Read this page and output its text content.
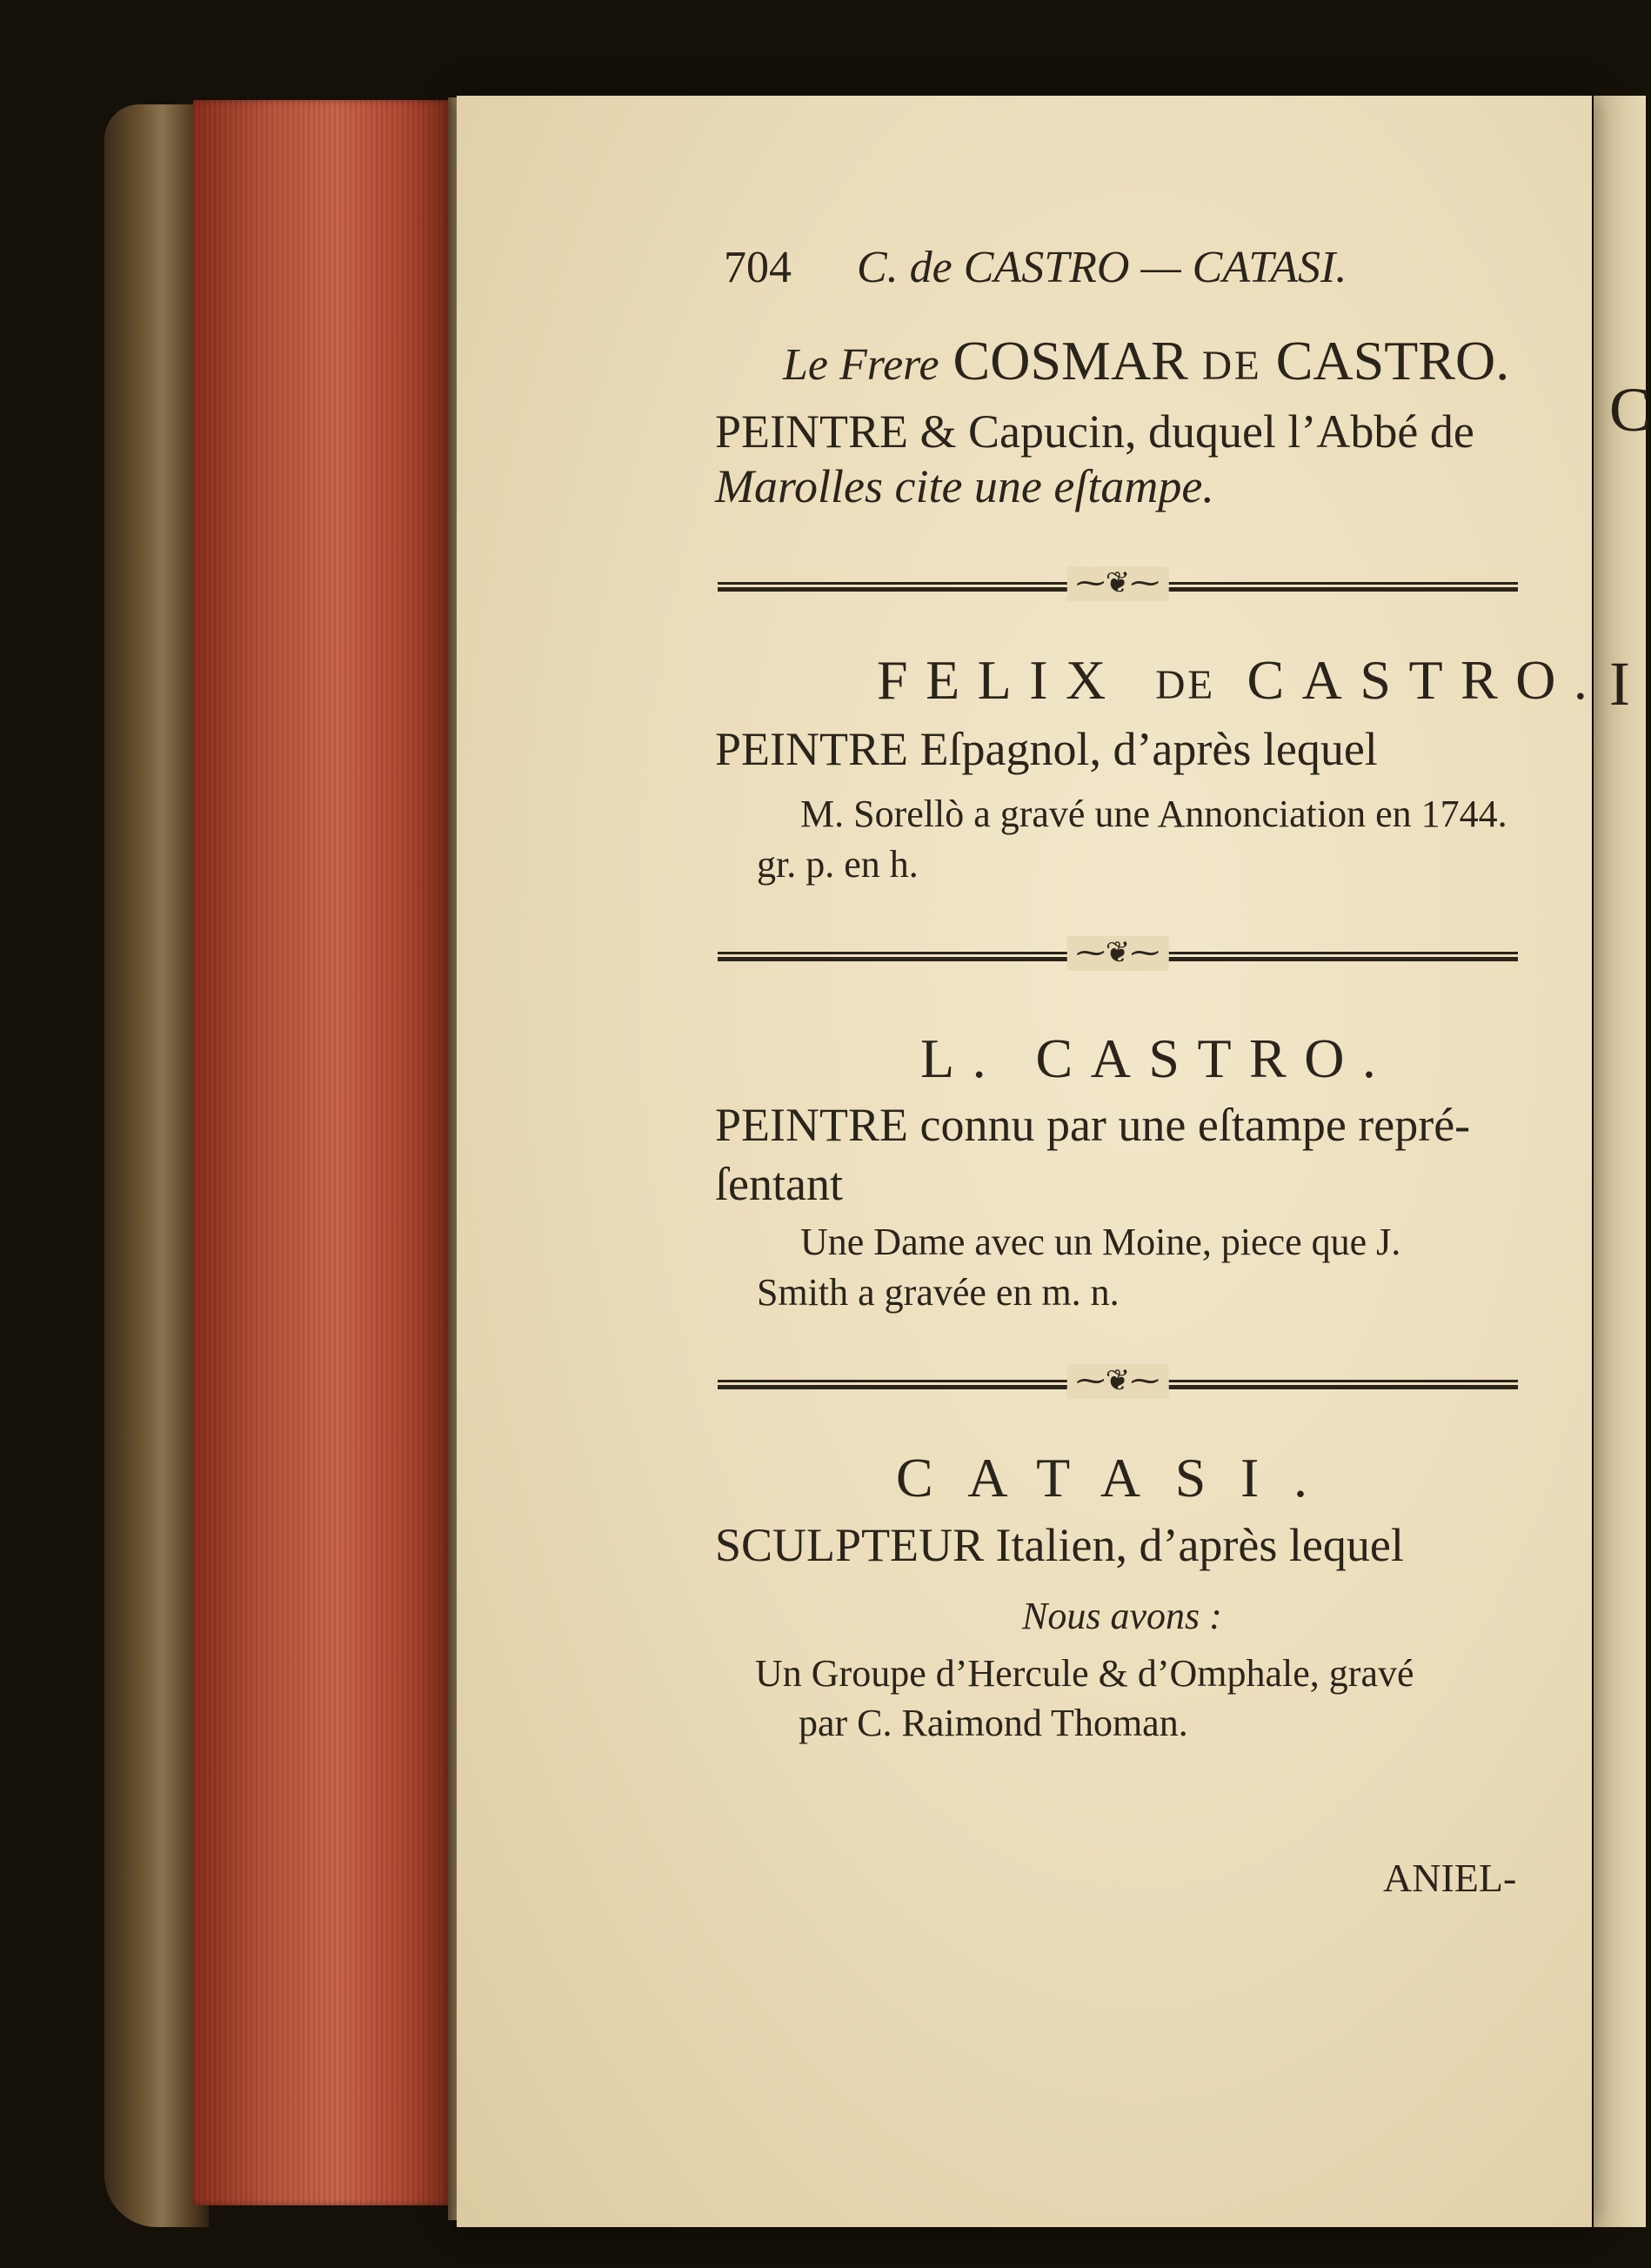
C
I
704 C. de CASTRO — CATASI.
Le Frere COSMAR DE CASTRO.
PEINTRE & Capucin, duquel l’Abbé de
Marolles cite une eſtampe.
⁓❦⁓
FELIX DE CASTRO.
PEINTRE Eſpagnol, d’après lequel
M. Sorellò a gravé une Annonciation en 1744.
gr. p. en h.
⁓❦⁓
L. CASTRO.
PEINTRE connu par une eſtampe repré-
ſentant
Une Dame avec un Moine, piece que J.
Smith a gravée en m. n.
⁓❦⁓
CATASI.
SCULPTEUR Italien, d’après lequel
Nous avons :
Un Groupe d’Hercule & d’Omphale, gravé
par C. Raimond Thoman.
ANIEL-
